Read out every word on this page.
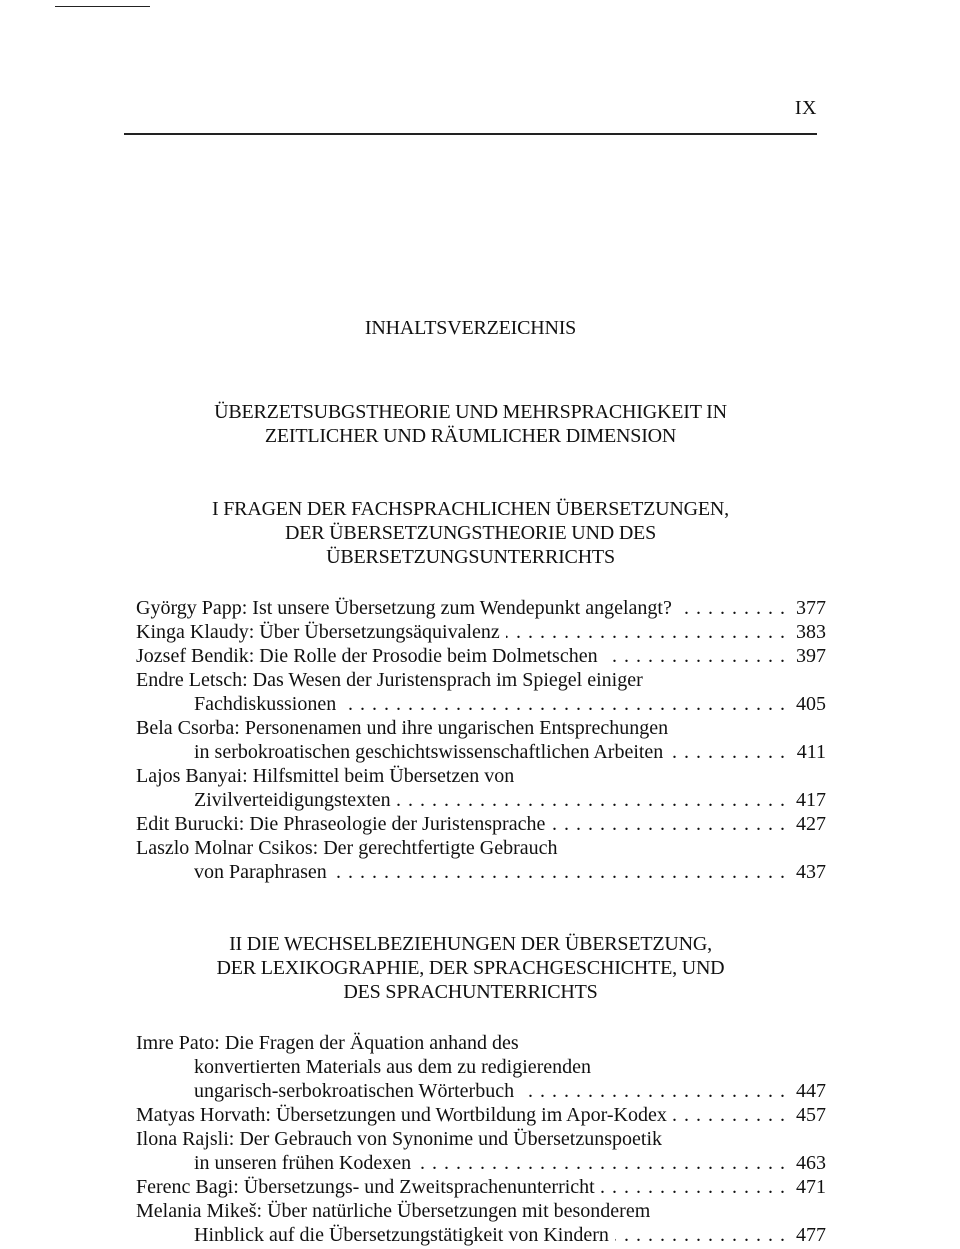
IX
INHALTSVERZEICHNIS
ÜBERZETSUBGSTHEORIE UND MEHRSPRACHIGKEIT IN
ZEITLICHER UND RÄUMLICHER DIMENSION
I FRAGEN DER FACHSPRACHLICHEN ÜBERSETZUNGEN,
DER ÜBERSETZUNGSTHEORIE UND DES
ÜBERSETZUNGSUNTERRICHTS
György Papp: Ist unsere Übersetzung zum Wendepunkt angelangt? . . .	377
Kinga Klaudy: Über Übersetzungsäquivalenz . . .	383
Jozsef Bendik: Die Rolle der Prosodie beim Dolmetschen . . .	397
Endre Letsch: Das Wesen der Juristensprach im Spiegel einiger
Fachdiskussionen . . .	405
Bela Csorba: Personenamen und ihre ungarischen Entsprechungen
in serbokroatischen geschichtswissenschaftlichen Arbeiten . . .	411
Lajos Banyai: Hilfsmittel beim Übersetzen von
Zivilverteidigungstexten . . .	417
Edit Burucki: Die Phraseologie der Juristensprache . . .	427
Laszlo Molnar Csikos: Der gerechtfertigte Gebrauch
von Paraphrasen . . .	437
II DIE WECHSELBEZIEHUNGEN DER ÜBERSETZUNG,
DER LEXIKOGRAPHIE, DER SPRACHGESCHICHTE, UND
DES SPRACHUNTERRICHTS
Imre Pato: Die Fragen der Äquation anhand des
konvertierten Materials aus dem zu redigierenden
ungarisch-serbokroatischen Wörterbuch . . .	447
Matyas Horvath: Übersetzungen und Wortbildung im Apor-Kodex . . .	457
Ilona Rajsli: Der Gebrauch von Synonime und Übersetzunspoetik
in unseren frühen Kodexen . . .	463
Ferenc Bagi: Übersetzungs- und Zweitsprachenunterricht . . .	471
Melania Mikeš: Über natürliche Übersetzungen mit besonderem
Hinblick auf die Übersetzungstätigkeit von Kindern . . .	477
